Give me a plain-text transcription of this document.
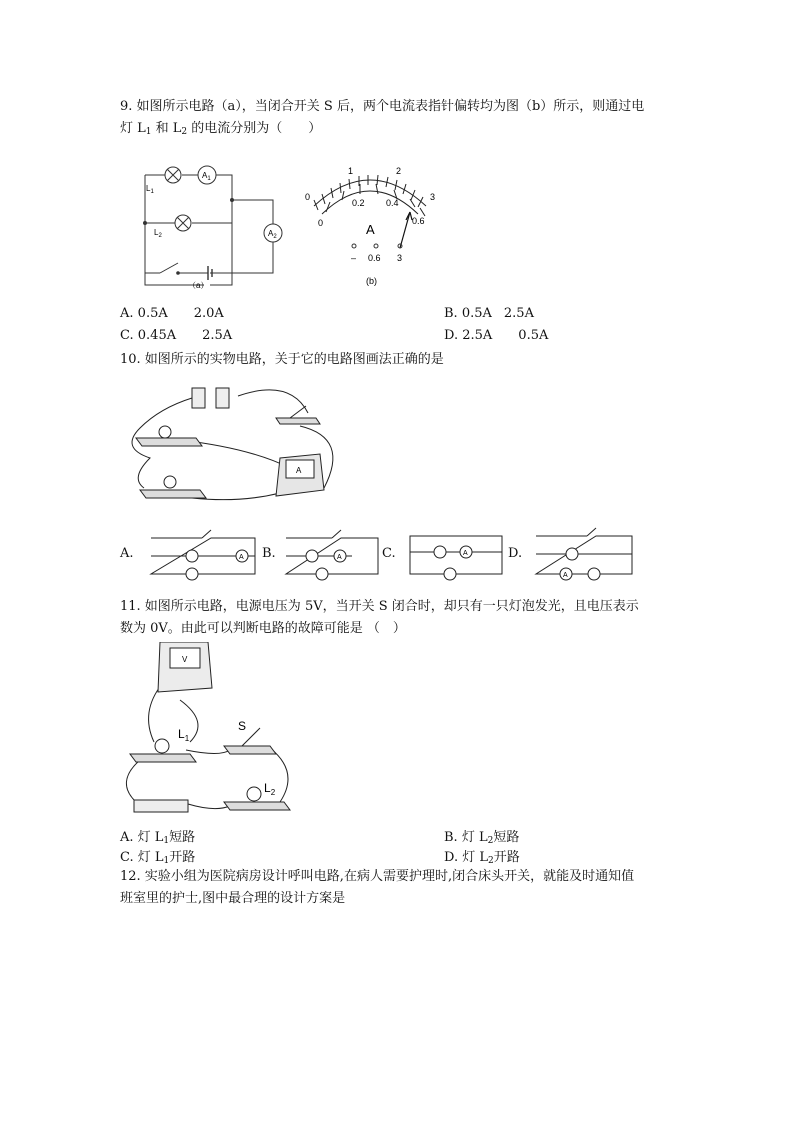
9. 如图所示电路（a），当闭合开关 S 后，两个电流表指针偏转均为图（b）所示，则通过电
灯 $L_1$ 和 $L_2$ 的电流分别为（　　）
$L_1$
$A_1$
$L_2$	$A_2$
（a）
0
1	2
3
0
0.2 0.4
0.6
A
– 0.6 3
(b)
A. 0.5A 2.0A	B. 0.5A 2.5A
C. 0.45A 2.5A	D. 2.5A 0.5A
10. 如图所示的实物电路，关于它的电路图画法正确的是
A
A.	A B.	A	C.	A	D.
A
11. 如图所示电路，电源电压为 5V，当开关 S 闭合时，却只有一只灯泡发光，且电压表示
数为 0V。由此可以判断电路的故障可能是 （　）
V
$L_1$
S
$L_2$
A. 灯 $L_1$短路	B. 灯 $L_2$短路
C. 灯 $L_1$开路	D. 灯 $L_2$开路
12. 实验小组为医院病房设计呼叫电路,在病人需要护理时,闭合床头开关，就能及时通知值
班室里的护士,图中最合理的设计方案是
